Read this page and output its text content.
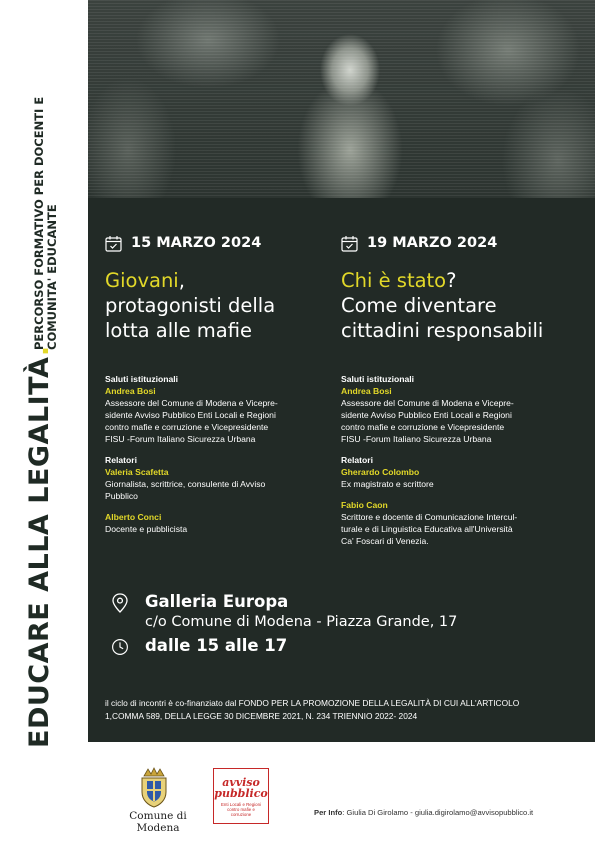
PERCORSO FORMATIVO PER DOCENTI E COMUNITA' EDUCANTE
EDUCARE ALLA LEGALITÀ.
15 MARZO 2024
Giovani,
protagonisti della
lotta alle mafie
Saluti istituzionali
Andrea Bosi
Assessore del Comune di Modena e Vicepre-
sidente Avviso Pubblico Enti Locali e Regioni
contro mafie e corruzione e Vicepresidente
FISU -Forum Italiano Sicurezza Urbana
Relatori
Valeria Scafetta
Giornalista, scrittrice, consulente di Avviso
Pubblico
Alberto Conci
Docente e pubblicista
19 MARZO 2024
Chi è stato?
Come diventare
cittadini responsabili
Saluti istituzionali
Andrea Bosi
Assessore del Comune di Modena e Vicepre-
sidente Avviso Pubblico Enti Locali e Regioni
contro mafie e corruzione e Vicepresidente
FISU -Forum Italiano Sicurezza Urbana
Relatori
Gherardo Colombo
Ex magistrato e scrittore
Fabio Caon
Scrittore e docente di Comunicazione Intercul-
turale e di Linguistica Educativa all'Università
Ca' Foscari di Venezia.
Galleria Europa
c/o Comune di Modena - Piazza Grande, 17
dalle 15 alle 17
il ciclo di incontri è co-finanziato dal FONDO PER LA PROMOZIONE DELLA LEGALITÀ DI CUI ALL'ARTICOLO
1,COMMA 589, DELLA LEGGE 30 DICEMBRE 2021, N. 234 TRIENNIO 2022- 2024
Comune di Modena
avviso
pubblico
Enti Locali e Regioni contro mafie e corruzione	Per Info: Giulia Di Girolamo - giulia.digirolamo@avvisopubblico.it
